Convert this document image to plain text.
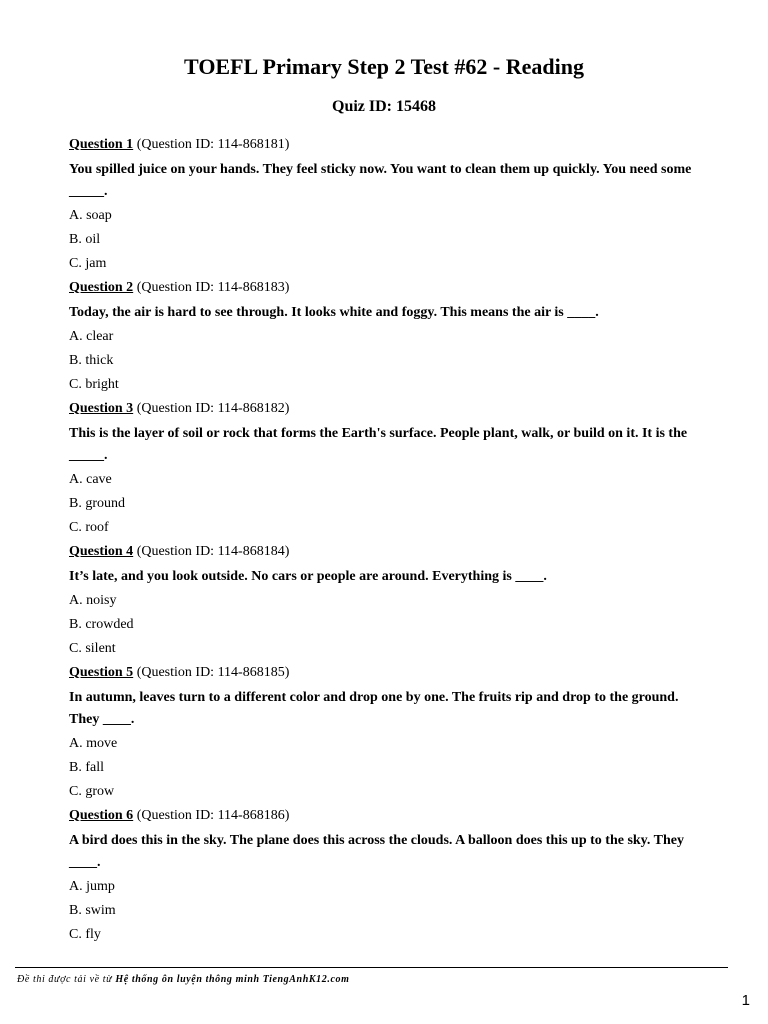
TOEFL Primary Step 2 Test #62 - Reading
Quiz ID: 15468
Question 1 (Question ID: 114-868181)
You spilled juice on your hands. They feel sticky now. You want to clean them up quickly. You need some _____.
A. soap
B. oil
C. jam
Question 2 (Question ID: 114-868183)
Today, the air is hard to see through. It looks white and foggy. This means the air is ____.
A. clear
B. thick
C. bright
Question 3 (Question ID: 114-868182)
This is the layer of soil or rock that forms the Earth's surface. People plant, walk, or build on it. It is the _____.
A. cave
B. ground
C. roof
Question 4 (Question ID: 114-868184)
It’s late, and you look outside. No cars or people are around. Everything is ____.
A. noisy
B. crowded
C. silent
Question 5 (Question ID: 114-868185)
In autumn, leaves turn to a different color and drop one by one. The fruits rip and drop to the ground. They ____.
A. move
B. fall
C. grow
Question 6 (Question ID: 114-868186)
A bird does this in the sky. The plane does this across the clouds. A balloon does this up to the sky. They ____.
A. jump
B. swim
C. fly
Đề thi được tải về từ Hệ thống ôn luyện thông minh TiengAnhK12.com
1
